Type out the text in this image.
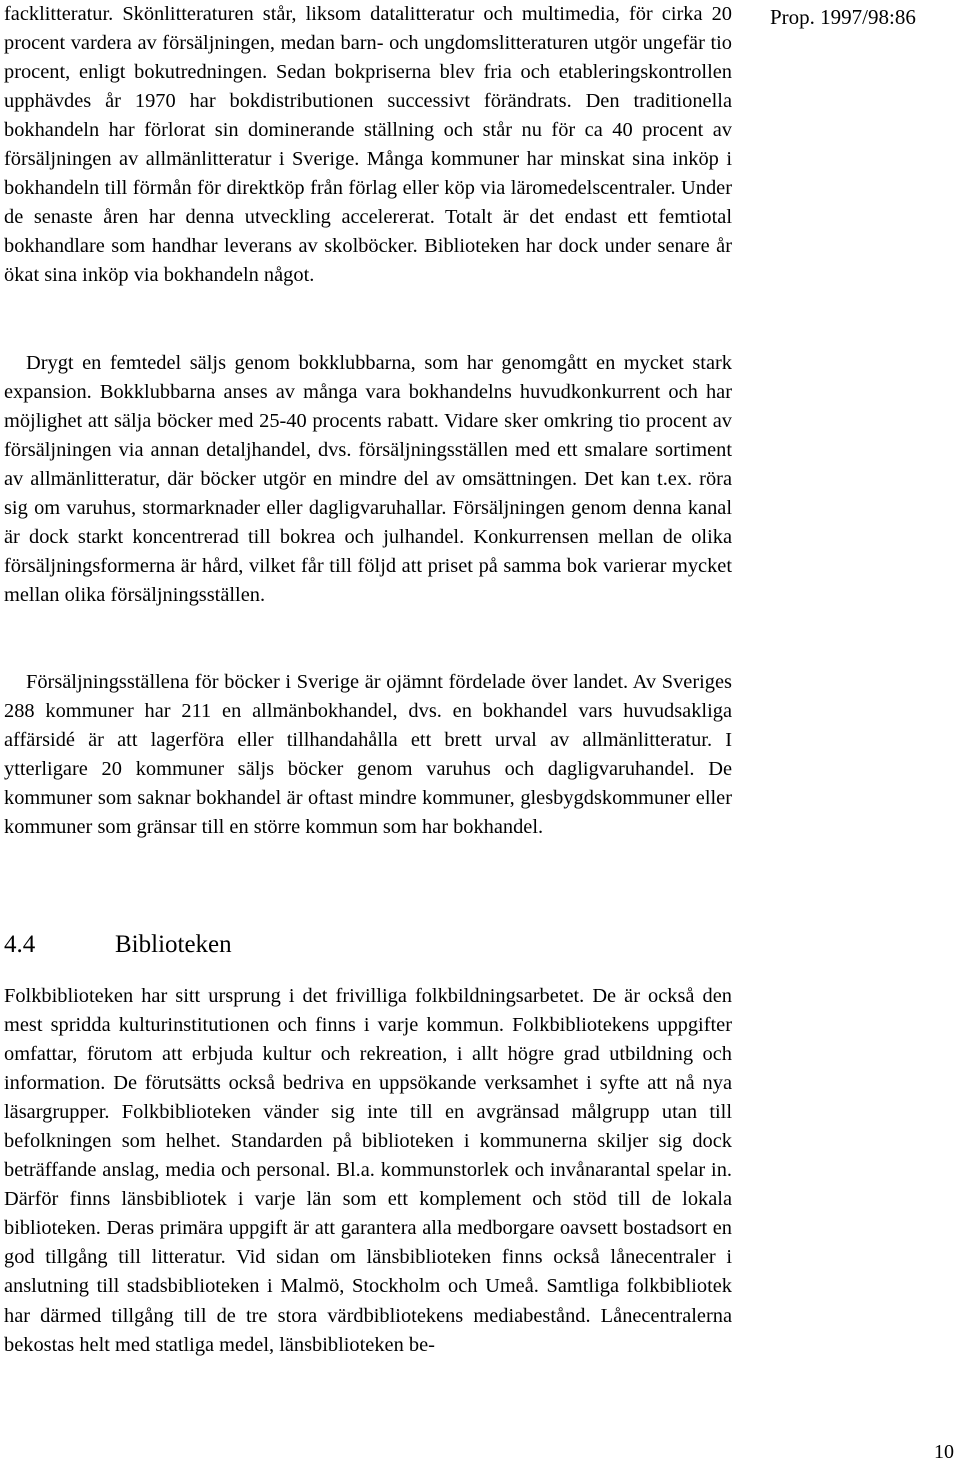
Prop. 1997/98:86

facklitteratur. Skönlitteraturen står, liksom datalitteratur och multimedia, för cirka 20 procent vardera av försäljningen, medan barn- och ungdomslitteraturen utgör ungefär tio procent, enligt bokutredningen. Sedan bokpriserna blev fria och etableringskontrollen upphävdes år 1970 har bokdistributionen successivt förändrats. Den traditionella bokhandeln har förlorat sin dominerande ställning och står nu för ca 40 procent av försäljningen av allmänlitteratur i Sverige. Många kommuner har minskat sina inköp i bokhandeln till förmån för direktköp från förlag eller köp via läromedelscentraler. Under de senaste åren har denna utveckling accelererat. Totalt är det endast ett femtiotal bokhandlare som handhar leverans av skolböcker. Biblioteken har dock under senare år ökat sina inköp via bokhandeln något.

Drygt en femtedel säljs genom bokklubbarna, som har genomgått en mycket stark expansion. Bokklubbarna anses av många vara bokhandelns huvudkonkurrent och har möjlighet att sälja böcker med 25-40 procents rabatt. Vidare sker omkring tio procent av försäljningen via annan detaljhandel, dvs. försäljningsställen med ett smalare sortiment av allmänlitteratur, där böcker utgör en mindre del av omsättningen. Det kan t.ex. röra sig om varuhus, stormarknader eller dagligvaruhallar. Försäljningen genom denna kanal är dock starkt koncentrerad till bokrea och julhandel. Konkurrensen mellan de olika försäljningsformerna är hård, vilket får till följd att priset på samma bok varierar mycket mellan olika försäljningsställen.

Försäljningsställena för böcker i Sverige är ojämnt fördelade över landet. Av Sveriges 288 kommuner har 211 en allmänbokhandel, dvs. en bokhandel vars huvudsakliga affärsidé är att lagerföra eller tillhandahålla ett brett urval av allmänlitteratur. I ytterligare 20 kommuner säljs böcker genom varuhus och dagligvaruhandel. De kommuner som saknar bokhandel är oftast mindre kommuner, glesbygdskommuner eller kommuner som gränsar till en större kommun som har bokhandel.

4.4	Biblioteken

Folkbiblioteken har sitt ursprung i det frivilliga folkbildningsarbetet. De är också den mest spridda kulturinstitutionen och finns i varje kommun. Folkbibliotekens uppgifter omfattar, förutom att erbjuda kultur och rekreation, i allt högre grad utbildning och information. De förutsätts också bedriva en uppsökande verksamhet i syfte att nå nya läsargrupper. Folkbiblioteken vänder sig inte till en avgränsad målgrupp utan till befolkningen som helhet. Standarden på biblioteken i kommunerna skiljer sig dock beträffande anslag, media och personal. Bl.a. kommunstorlek och invånarantal spelar in. Därför finns länsbibliotek i varje län som ett komplement och stöd till de lokala biblioteken. Deras primära uppgift är att garantera alla medborgare oavsett bostadsort en god tillgång till litteratur. Vid sidan om länsbiblioteken finns också lånecentraler i anslutning till stadsbiblioteken i Malmö, Stockholm och Umeå. Samtliga folkbibliotek har därmed tillgång till de tre stora värdbibliotekens mediabestånd. Lånecentralerna bekostas helt med statliga medel, länsbiblioteken be-

10
